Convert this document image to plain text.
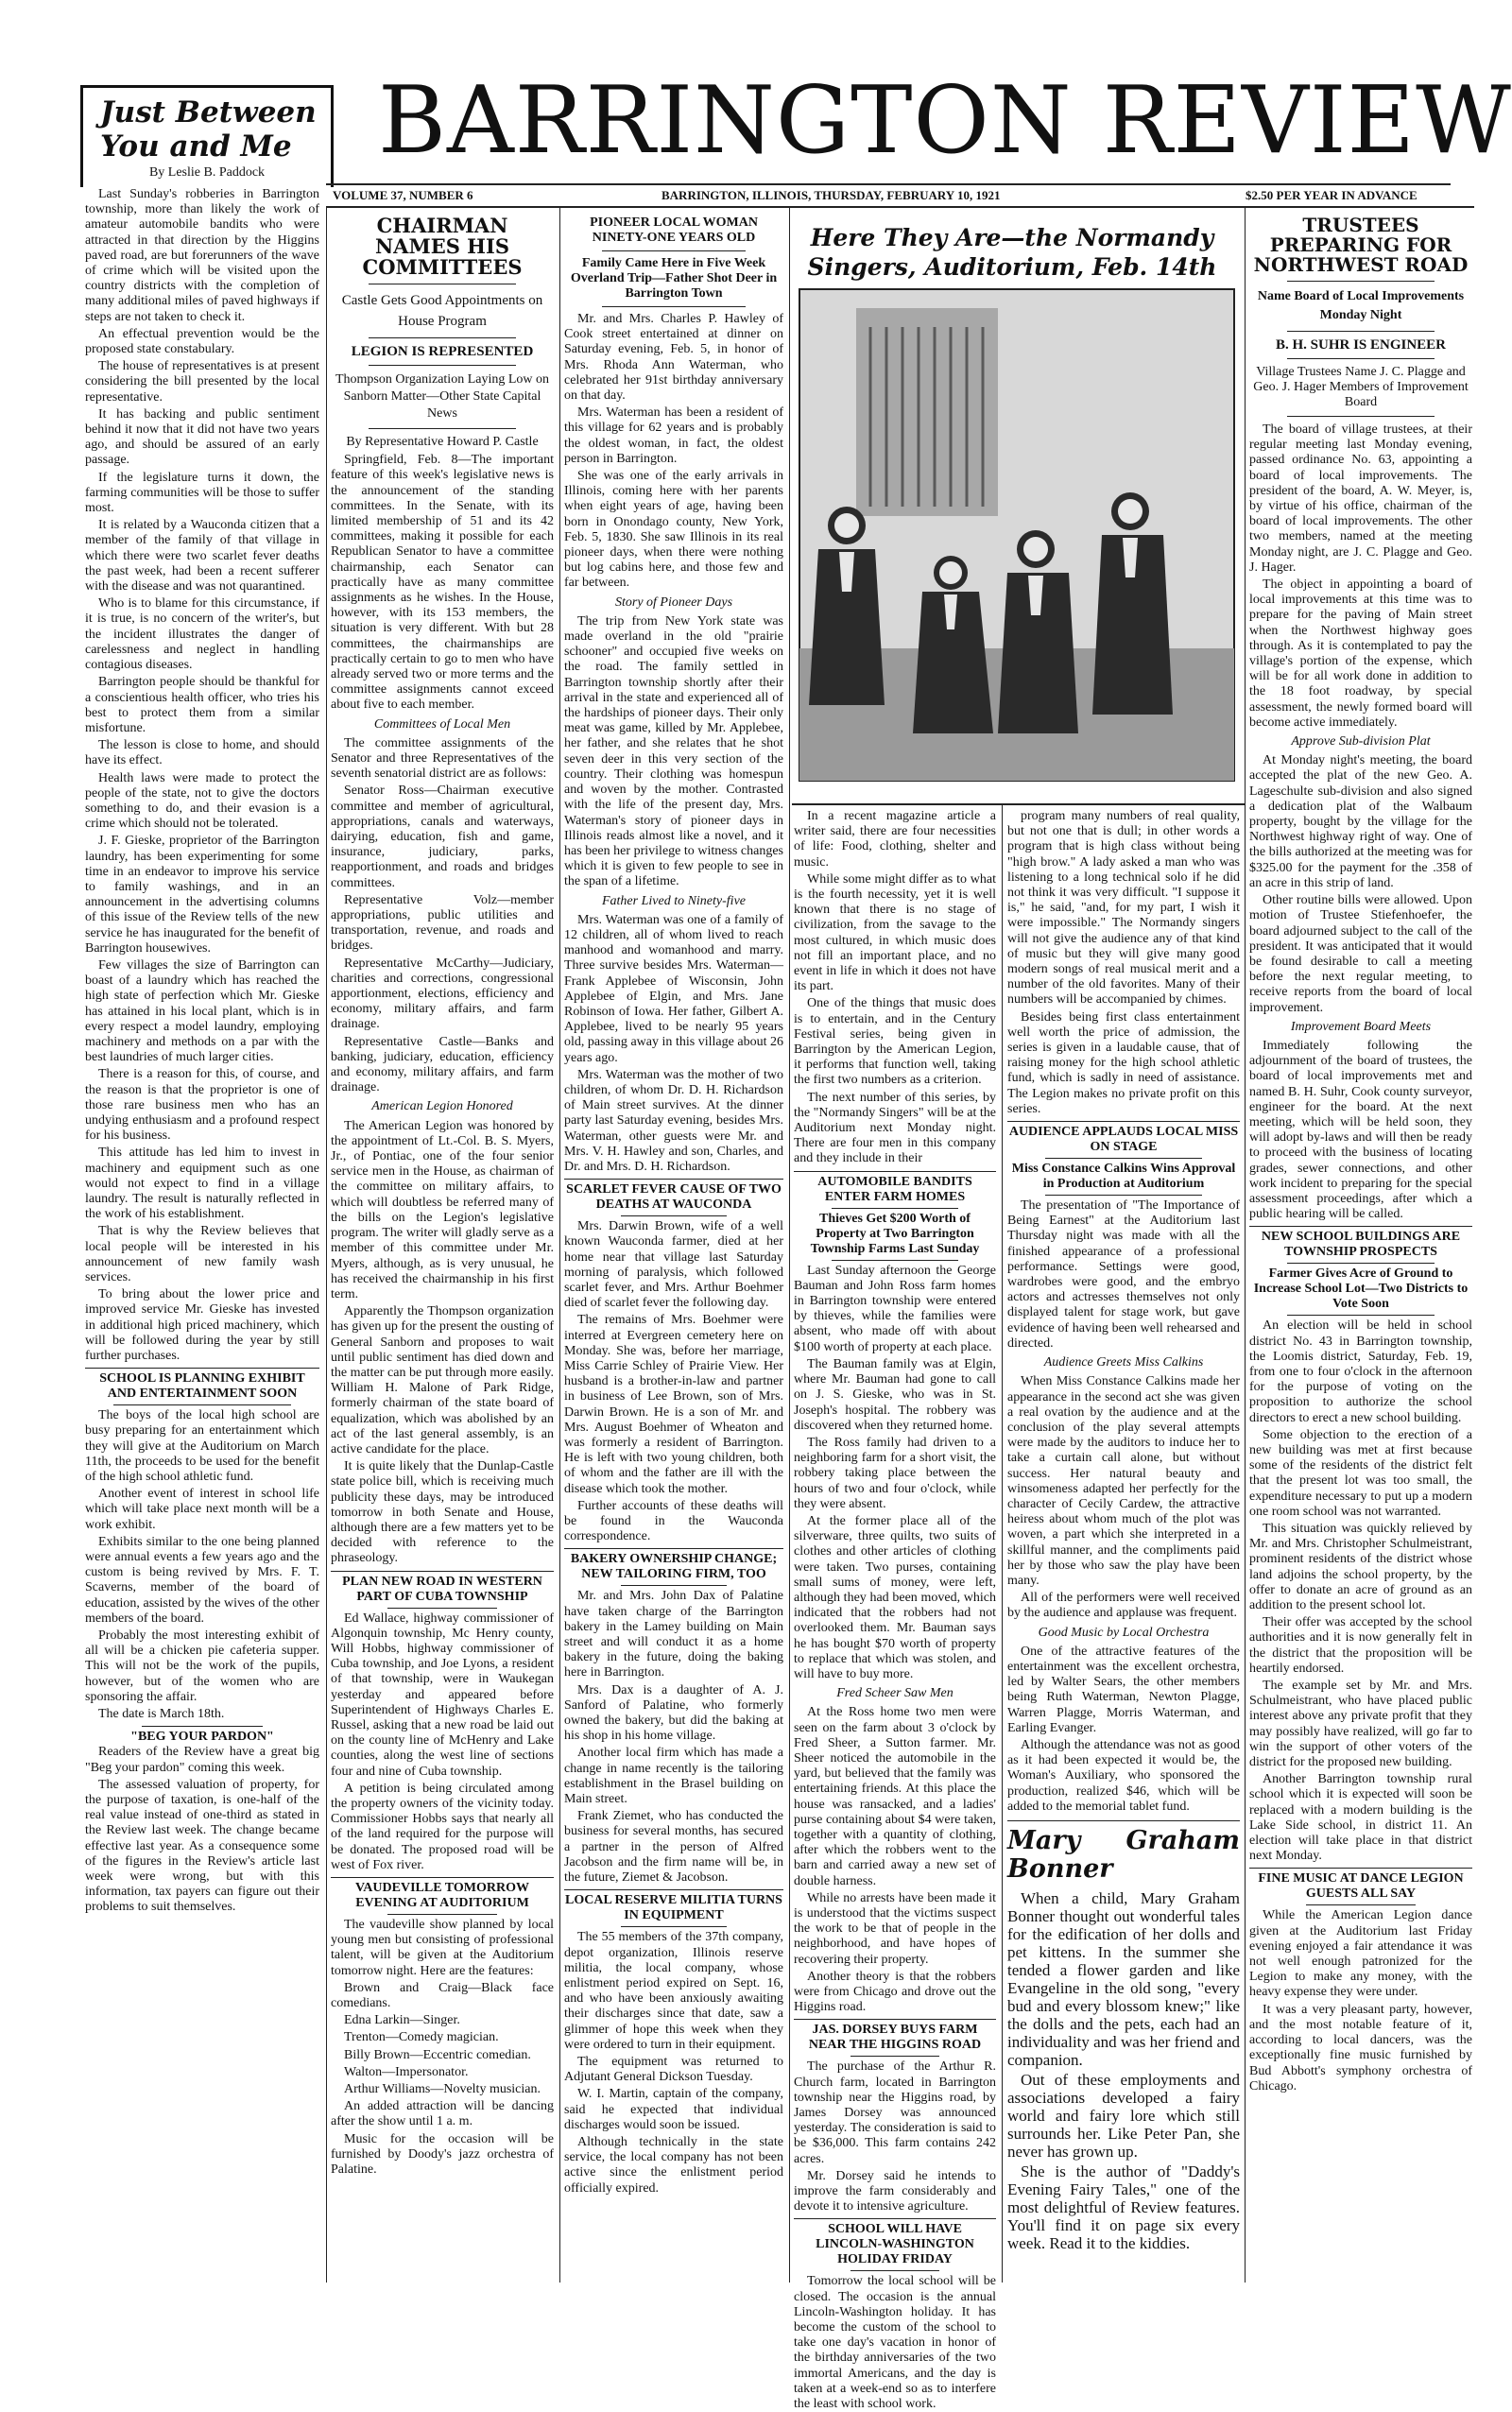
Just Between You and Me
By Leslie B. Paddock	BARRINGTON REVIEW
VOLUME 37, NUMBER 6	BARRINGTON, ILLINOIS, THURSDAY, FEBRUARY 10, 1921	$2.50 PER YEAR IN ADVANCE

Last Sunday's robberies in Barrington township, more than likely the work of amateur automobile bandits who were attracted in that direction by the Higgins paved road, are but forerunners of the wave of crime which will be visited upon the country districts with the completion of many additional miles of paved highways if steps are not taken to check it.

An effectual prevention would be the proposed state constabulary.

The house of representatives is at present considering the bill presented by the local representative.

It has backing and public sentiment behind it now that it did not have two years ago, and should be assured of an early passage.

If the legislature turns it down, the farming communities will be those to suffer most.

It is related by a Wauconda citizen that a member of the family of that village in which there were two scarlet fever deaths the past week, had been a recent sufferer with the disease and was not quarantined.

Who is to blame for this circumstance, if it is true, is no concern of the writer's, but the incident illustrates the danger of carelessness and neglect in handling contagious diseases.

Barrington people should be thankful for a conscientious health officer, who tries his best to protect them from a similar misfortune.

The lesson is close to home, and should have its effect.

Health laws were made to protect the people of the state, not to give the doctors something to do, and their evasion is a crime which should not be tolerated.

J. F. Gieske, proprietor of the Barrington laundry, has been experimenting for some time in an endeavor to improve his service to family washings, and in an announcement in the advertising columns of this issue of the Review tells of the new service he has inaugurated for the benefit of Barrington housewives.

Few villages the size of Barrington can boast of a laundry which has reached the high state of perfection which Mr. Gieske has attained in his local plant, which is in every respect a model laundry, employing machinery and methods on a par with the best laundries of much larger cities.

There is a reason for this, of course, and the reason is that the proprietor is one of those rare business men who has an undying enthusiasm and a profound respect for his business.

This attitude has led him to invest in machinery and equipment such as one would not expect to find in a village laundry. The result is naturally reflected in the work of his establishment.

That is why the Review believes that local people will be interested in his announcement of new family wash services.

To bring about the lower price and improved service Mr. Gieske has invested in additional high priced machinery, which will be followed during the year by still further purchases.

SCHOOL IS PLANNING EXHIBIT AND ENTERTAINMENT SOON

The boys of the local high school are busy preparing for an entertainment which they will give at the Auditorium on March 11th, the proceeds to be used for the benefit of the high school athletic fund.

Another event of interest in school life which will take place next month will be a work exhibit.

Exhibits similar to the one being planned were annual events a few years ago and the custom is being revived by Mrs. F. T. Scaverns, member of the board of education, assisted by the wives of the other members of the board.

Probably the most interesting exhibit of all will be a chicken pie cafeteria supper. This will not be the work of the pupils, however, but of the women who are sponsoring the affair.

The date is March 18th.

"BEG YOUR PARDON"

Readers of the Review have a great big "Beg your pardon" coming this week.

The assessed valuation of property, for the purpose of taxation, is one-half of the real value instead of one-third as stated in the Review last week. The change became effective last year. As a consequence some of the figures in the Review's article last week were wrong, but with this information, tax payers can figure out their problems to suit themselves.

CHAIRMAN NAMES HIS COMMITTEES
Castle Gets Good Appointments on House Program
LEGION IS REPRESENTED
Thompson Organization Laying Low on Sanborn Matter—Other State Capital News
By Representative Howard P. Castle

Springfield, Feb. 8—The important feature of this week's legislative news is the announcement of the standing committees. In the Senate, with its limited membership of 51 and its 42 committees, making it possible for each Republican Senator to have a committee chairmanship, each Senator can practically have as many committee assignments as he wishes. In the House, however, with its 153 members, the situation is very different. With but 28 committees, the chairmanships are practically certain to go to men who have already served two or more terms and the committee assignments cannot exceed about five to each member.

Committees of Local Men

The committee assignments of the Senator and three Representatives of the seventh senatorial district are as follows:

Senator Ross—Chairman executive committee and member of agricultural, appropriations, canals and waterways, dairying, education, fish and game, insurance, judiciary, parks, reapportionment, and roads and bridges committees.

Representative Volz—member appropriations, public utilities and transportation, revenue, and roads and bridges.

Representative McCarthy—Judiciary, charities and corrections, congressional apportionment, elections, efficiency and economy, military affairs, and farm drainage.

Representative Castle—Banks and banking, judiciary, education, efficiency and economy, military affairs, and farm drainage.

American Legion Honored

The American Legion was honored by the appointment of Lt.-Col. B. S. Myers, Jr., of Pontiac, one of the four senior service men in the House, as chairman of the committee on military affairs, to which will doubtless be referred many of the bills on the Legion's legislative program. The writer will gladly serve as a member of this committee under Mr. Myers, although, as is very unusual, he has received the chairmanship in his first term.

Apparently the Thompson organization has given up for the present the ousting of General Sanborn and proposes to wait until public sentiment has died down and the matter can be put through more easily. William H. Malone of Park Ridge, formerly chairman of the state board of equalization, which was abolished by an act of the last general assembly, is an active candidate for the place.

It is quite likely that the Dunlap-Castle state police bill, which is receiving much publicity these days, may be introduced tomorrow in both Senate and House, although there are a few matters yet to be decided with reference to the phraseology.

PLAN NEW ROAD IN WESTERN PART OF CUBA TOWNSHIP

Ed Wallace, highway commissioner of Algonquin township, Mc Henry county, Will Hobbs, highway commissioner of Cuba township, and Joe Lyons, a resident of that township, were in Waukegan yesterday and appeared before Superintendent of Highways Charles E. Russel, asking that a new road be laid out on the county line of McHenry and Lake counties, along the west line of sections four and nine of Cuba township.

A petition is being circulated among the property owners of the vicinity today. Commissioner Hobbs says that nearly all of the land required for the purpose will be donated. The proposed road will be west of Fox river.

VAUDEVILLE TOMORROW EVENING AT AUDITORIUM

The vaudeville show planned by local young men but consisting of professional talent, will be given at the Auditorium tomorrow night. Here are the features:

Brown and Craig—Black face comedians.

Edna Larkin—Singer.

Trenton—Comedy magician.

Billy Brown—Eccentric comedian.

Walton—Impersonator.

Arthur Williams—Novelty musician.

An added attraction will be dancing after the show until 1 a. m.

Music for the occasion will be furnished by Doody's jazz orchestra of Palatine.

PIONEER LOCAL WOMAN NINETY-ONE YEARS OLD
Family Came Here in Five Week Overland Trip—Father Shot Deer in Barrington Town

Mr. and Mrs. Charles P. Hawley of Cook street entertained at dinner on Saturday evening, Feb. 5, in honor of Mrs. Rhoda Ann Waterman, who celebrated her 91st birthday anniversary on that day.

Mrs. Waterman has been a resident of this village for 62 years and is probably the oldest woman, in fact, the oldest person in Barrington.

She was one of the early arrivals in Illinois, coming here with her parents when eight years of age, having been born in Onondago county, New York, Feb. 5, 1830. She saw Illinois in its real pioneer days, when there were nothing but log cabins here, and those few and far between.

Story of Pioneer Days

The trip from New York state was made overland in the old "prairie schooner" and occupied five weeks on the road. The family settled in Barrington township shortly after their arrival in the state and experienced all of the hardships of pioneer days. Their only meat was game, killed by Mr. Applebee, her father, and she relates that he shot seven deer in this very section of the country. Their clothing was homespun and woven by the mother. Contrasted with the life of the present day, Mrs. Waterman's story of pioneer days in Illinois reads almost like a novel, and it has been her privilege to witness changes which it is given to few people to see in the span of a lifetime.

Father Lived to Ninety-five

Mrs. Waterman was one of a family of 12 children, all of whom lived to reach manhood and womanhood and marry. Three survive besides Mrs. Waterman—Frank Applebee of Wisconsin, John Applebee of Elgin, and Mrs. Jane Robinson of Iowa. Her father, Gilbert A. Applebee, lived to be nearly 95 years old, passing away in this village about 26 years ago.

Mrs. Waterman was the mother of two children, of whom Dr. D. H. Richardson of Main street survives. At the dinner party last Saturday evening, besides Mrs. Waterman, other guests were Mr. and Mrs. V. H. Hawley and son, Charles, and Dr. and Mrs. D. H. Richardson.

SCARLET FEVER CAUSE OF TWO DEATHS AT WAUCONDA

Mrs. Darwin Brown, wife of a well known Wauconda farmer, died at her home near that village last Saturday morning of paralysis, which followed scarlet fever, and Mrs. Arthur Boehmer died of scarlet fever the following day.

The remains of Mrs. Boehmer were interred at Evergreen cemetery here on Monday. She was, before her marriage, Miss Carrie Schley of Prairie View. Her husband is a brother-in-law and partner in business of Lee Brown, son of Mrs. Darwin Brown. He is a son of Mr. and Mrs. August Boehmer of Wheaton and was formerly a resident of Barrington. He is left with two young children, both of whom and the father are ill with the disease which took the mother.

Further accounts of these deaths will be found in the Wauconda correspondence.

BAKERY OWNERSHIP CHANGE; NEW TAILORING FIRM, TOO

Mr. and Mrs. John Dax of Palatine have taken charge of the Barrington bakery in the Lamey building on Main street and will conduct it as a home bakery in the future, doing the baking here in Barrington.

Mrs. Dax is a daughter of A. J. Sanford of Palatine, who formerly owned the bakery, but did the baking at his shop in his home village.

Another local firm which has made a change in name recently is the tailoring establishment in the Brasel building on Main street.

Frank Ziemet, who has conducted the business for several months, has secured a partner in the person of Alfred Jacobson and the firm name will be, in the future, Ziemet & Jacobson.

LOCAL RESERVE MILITIA TURNS IN EQUIPMENT

The 55 members of the 37th company, depot organization, Illinois reserve militia, the local company, whose enlistment period expired on Sept. 16, and who have been anxiously awaiting their discharges since that date, saw a glimmer of hope this week when they were ordered to turn in their equipment.

The equipment was returned to Adjutant General Dickson Tuesday.

W. I. Martin, captain of the company, said he expected that individual discharges would soon be issued.

Although technically in the state service, the local company has not been active since the enlistment period officially expired.

Here They Are—the Normandy Singers, Auditorium, Feb. 14th

In a recent magazine article a writer said, there are four necessities of life: Food, clothing, shelter and music.

While some might differ as to what is the fourth necessity, yet it is well known that there is no stage of civilization, from the savage to the most cultured, in which music does not fill an important place, and no event in life in which it does not have its part.

One of the things that music does is to entertain, and in the Century Festival series, being given in Barrington by the American Legion, it performs that function well, taking the first two numbers as a criterion.

The next number of this series, by the "Normandy Singers" will be at the Auditorium next Monday night. There are four men in this company and they include in their

AUTOMOBILE BANDITS ENTER FARM HOMES
Thieves Get $200 Worth of Property at Two Barrington Township Farms Last Sunday

Last Sunday afternoon the George Bauman and John Ross farm homes in Barrington township were entered by thieves, while the families were absent, who made off with about $100 worth of property at each place.

The Bauman family was at Elgin, where Mr. Bauman had gone to call on J. S. Gieske, who was in St. Joseph's hospital. The robbery was discovered when they returned home.

The Ross family had driven to a neighboring farm for a short visit, the robbery taking place between the hours of two and four o'clock, while they were absent.

At the former place all of the silverware, three quilts, two suits of clothes and other articles of clothing were taken. Two purses, containing small sums of money, were left, although they had been moved, which indicated that the robbers had not overlooked them. Mr. Bauman says he has bought $70 worth of property to replace that which was stolen, and will have to buy more.

Fred Scheer Saw Men

At the Ross home two men were seen on the farm about 3 o'clock by Fred Sheer, a Sutton farmer. Mr. Sheer noticed the automobile in the yard, but believed that the family was entertaining friends. At this place the house was ransacked, and a ladies' purse containing about $4 were taken, together with a quantity of clothing, after which the robbers went to the barn and carried away a new set of double harness.

While no arrests have been made it is understood that the victims suspect the work to be that of people in the neighborhood, and have hopes of recovering their property.

Another theory is that the robbers were from Chicago and drove out the Higgins road.

JAS. DORSEY BUYS FARM NEAR THE HIGGINS ROAD

The purchase of the Arthur R. Church farm, located in Barrington township near the Higgins road, by James Dorsey was announced yesterday. The consideration is said to be $36,000. This farm contains 242 acres.

Mr. Dorsey said he intends to improve the farm considerably and devote it to intensive agriculture.

SCHOOL WILL HAVE LINCOLN-WASHINGTON HOLIDAY FRIDAY

Tomorrow the local school will be closed. The occasion is the annual Lincoln-Washington holiday. It has become the custom of the school to take one day's vacation in honor of the birthday anniversaries of the two immortal Americans, and the day is taken at a week-end so as to interfere the least with school work.

program many numbers of real quality, but not one that is dull; in other words a program that is high class without being "high brow." A lady asked a man who was listening to a long technical solo if he did not think it was very difficult. "I suppose it is," he said, "and, for my part, I wish it were impossible." The Normandy singers will not give the audience any of that kind of music but they will give many good modern songs of real musical merit and a number of the old favorites. Many of their numbers will be accompanied by chimes.

Besides being first class entertainment well worth the price of admission, the series is given in a laudable cause, that of raising money for the high school athletic fund, which is sadly in need of assistance. The Legion makes no private profit on this series.

AUDIENCE APPLAUDS LOCAL MISS ON STAGE
Miss Constance Calkins Wins Approval in Production at Auditorium

The presentation of "The Importance of Being Earnest" at the Auditorium last Thursday night was made with all the finished appearance of a professional performance. Settings were good, wardrobes were good, and the embryo actors and actresses themselves not only displayed talent for stage work, but gave evidence of having been well rehearsed and directed.

Audience Greets Miss Calkins

When Miss Constance Calkins made her appearance in the second act she was given a real ovation by the audience and at the conclusion of the play several attempts were made by the auditors to induce her to take a curtain call alone, but without success. Her natural beauty and winsomeness adapted her perfectly for the character of Cecily Cardew, the attractive heiress about whom much of the plot was woven, a part which she interpreted in a skillful manner, and the compliments paid her by those who saw the play have been many.

All of the performers were well received by the audience and applause was frequent.

Good Music by Local Orchestra

One of the attractive features of the entertainment was the excellent orchestra, led by Walter Sears, the other members being Ruth Waterman, Newton Plagge, Warren Plagge, Morris Waterman, and Earling Evanger.

Although the attendance was not as good as it had been expected it would be, the Woman's Auxiliary, who sponsored the production, realized $46, which will be added to the memorial tablet fund.

Mary Graham Bonner

When a child, Mary Graham Bonner thought out wonderful tales for the edification of her dolls and pet kittens. In the summer she tended a flower garden and like Evangeline in the old song, "every bud and every blossom knew;" like the dolls and the pets, each had an individuality and was her friend and companion.

Out of these employments and associations developed a fairy world and fairy lore which still surrounds her. Like Peter Pan, she never has grown up.

She is the author of "Daddy's Evening Fairy Tales," one of the most delightful of Review features. You'll find it on page six every week. Read it to the kiddies.

TRUSTEES PREPARING FOR NORTHWEST ROAD
Name Board of Local Improvements Monday Night
B. H. SUHR IS ENGINEER
Village Trustees Name J. C. Plagge and Geo. J. Hager Members of Improvement Board

The board of village trustees, at their regular meeting last Monday evening, passed ordinance No. 63, appointing a board of local improvements. The president of the board, A. W. Meyer, is, by virtue of his office, chairman of the board of local improvements. The other two members, named at the meeting Monday night, are J. C. Plagge and Geo. J. Hager.

The object in appointing a board of local improvements at this time was to prepare for the paving of Main street when the Northwest highway goes through. As it is contemplated to pay the village's portion of the expense, which will be for all work done in addition to the 18 foot roadway, by special assessment, the newly formed board will become active immediately.

Approve Sub-division Plat

At Monday night's meeting, the board accepted the plat of the new Geo. A. Lageschulte sub-division and also signed a dedication plat of the Walbaum property, bought by the village for the Northwest highway right of way. One of the bills authorized at the meeting was for $325.00 for the payment for the .358 of an acre in this strip of land.

Other routine bills were allowed. Upon motion of Trustee Stiefenhoefer, the board adjourned subject to the call of the president. It was anticipated that it would be found desirable to call a meeting before the next regular meeting, to receive reports from the board of local improvement.

Improvement Board Meets

Immediately following the adjournment of the board of trustees, the board of local improvements met and named B. H. Suhr, Cook county surveyor, engineer for the board. At the next meeting, which will be held soon, they will adopt by-laws and will then be ready to proceed with the business of locating grades, sewer connections, and other work incident to preparing for the special assessment proceedings, after which a public hearing will be called.

NEW SCHOOL BUILDINGS ARE TOWNSHIP PROSPECTS
Farmer Gives Acre of Ground to Increase School Lot—Two Districts to Vote Soon

An election will be held in school district No. 43 in Barrington township, the Loomis district, Saturday, Feb. 19, from one to four o'clock in the afternoon for the purpose of voting on the proposition to authorize the school directors to erect a new school building.

Some objection to the erection of a new building was met at first because some of the residents of the district felt that the present lot was too small, the expenditure necessary to put up a modern one room school was not warranted.

This situation was quickly relieved by Mr. and Mrs. Christopher Schulmeistrant, prominent residents of the district whose land adjoins the school property, by the offer to donate an acre of ground as an addition to the present school lot.

Their offer was accepted by the school authorities and it is now generally felt in the district that the proposition will be heartily endorsed.

The example set by Mr. and Mrs. Schulmeistrant, who have placed public interest above any private profit that they may possibly have realized, will go far to win the support of other voters of the district for the proposed new building.

Another Barrington township rural school which it is expected will soon be replaced with a modern building is the Lake Side school, in district 11. An election will take place in that district next Monday.

FINE MUSIC AT DANCE LEGION GUESTS ALL SAY

While the American Legion dance given at the Auditorium last Friday evening enjoyed a fair attendance it was not well enough patronized for the Legion to make any money, with the heavy expense they were under.

It was a very pleasant party, however, and the most notable feature of it, according to local dancers, was the exceptionally fine music furnished by Bud Abbott's symphony orchestra of Chicago.
